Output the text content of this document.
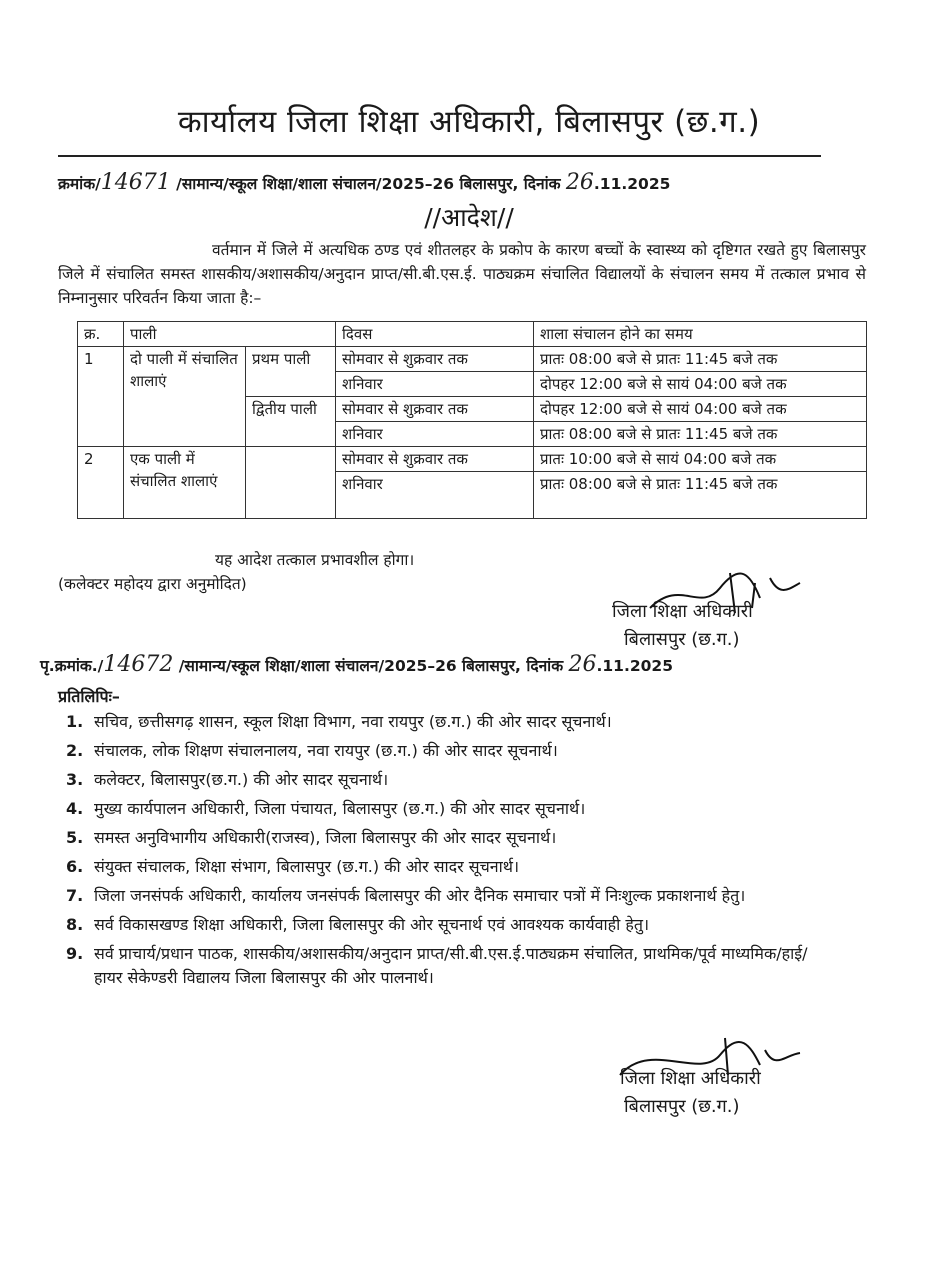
कार्यालय जिला शिक्षा अधिकारी, बिलासपुर (छ.ग.)
क्रमांक/14671 /सामान्य/स्कूल शिक्षा/शाला संचालन/2025–26 बिलासपुर, दिनांक 26.11.2025
//आदेश//
वर्तमान में जिले में अत्यधिक ठण्ड एवं शीतलहर के प्रकोप के कारण बच्चों के स्वास्थ्य को दृष्टिगत रखते हुए बिलासपुर जिले में संचालित समस्त शासकीय/अशासकीय/अनुदान प्राप्त/सी.बी.एस.ई. पाठ्यक्रम संचालित विद्यालयों के संचालन समय में तत्काल प्रभाव से निम्नानुसार परिवर्तन किया जाता है:–
क्र.	पाली		दिवस	शाला संचालन होने का समय
1	दो पाली में संचालित शालाएं	प्रथम पाली	सोमवार से शुक्रवार तक	प्रातः 08:00 बजे से प्रातः 11:45 बजे तक
			शनिवार	दोपहर 12:00 बजे से सायं 04:00 बजे तक
		द्वितीय पाली	सोमवार से शुक्रवार तक	दोपहर 12:00 बजे से सायं 04:00 बजे तक
			शनिवार	प्रातः 08:00 बजे से प्रातः 11:45 बजे तक
2	एक पाली में संचालित शालाएं		सोमवार से शुक्रवार तक	प्रातः 10:00 बजे से सायं 04:00 बजे तक
			शनिवार	प्रातः 08:00 बजे से प्रातः 11:45 बजे तक
यह आदेश तत्काल प्रभावशील होगा।
(कलेक्टर महोदय द्वारा अनुमोदित)
जिला शिक्षा अधिकारी
बिलासपुर (छ.ग.)
पृ.क्रमांक./14672 /सामान्य/स्कूल शिक्षा/शाला संचालन/2025–26 बिलासपुर, दिनांक 26.11.2025
प्रतिलिपिः–
1. सचिव, छत्तीसगढ़ शासन, स्कूल शिक्षा विभाग, नवा रायपुर (छ.ग.) की ओर सादर सूचनार्थ।
2. संचालक, लोक शिक्षण संचालनालय, नवा रायपुर (छ.ग.) की ओर सादर सूचनार्थ।
3. कलेक्टर, बिलासपुर(छ.ग.) की ओर सादर सूचनार्थ।
4. मुख्य कार्यपालन अधिकारी, जिला पंचायत, बिलासपुर (छ.ग.) की ओर सादर सूचनार्थ।
5. समस्त अनुविभागीय अधिकारी(राजस्व), जिला बिलासपुर की ओर सादर सूचनार्थ।
6. संयुक्त संचालक, शिक्षा संभाग, बिलासपुर (छ.ग.) की ओर सादर सूचनार्थ।
7. जिला जनसंपर्क अधिकारी, कार्यालय जनसंपर्क बिलासपुर की ओर दैनिक समाचार पत्रों में निःशुल्क प्रकाशनार्थ हेतु।
8. सर्व विकासखण्ड शिक्षा अधिकारी, जिला बिलासपुर की ओर सूचनार्थ एवं आवश्यक कार्यवाही हेतु।
9. सर्व प्राचार्य/प्रधान पाठक, शासकीय/अशासकीय/अनुदान प्राप्त/सी.बी.एस.ई.पाठ्यक्रम संचालित, प्राथमिक/पूर्व माध्यमिक/हाई/हायर सेकेण्डरी विद्यालय जिला बिलासपुर की ओर पालनार्थ।
जिला शिक्षा अधिकारी
बिलासपुर (छ.ग.)
